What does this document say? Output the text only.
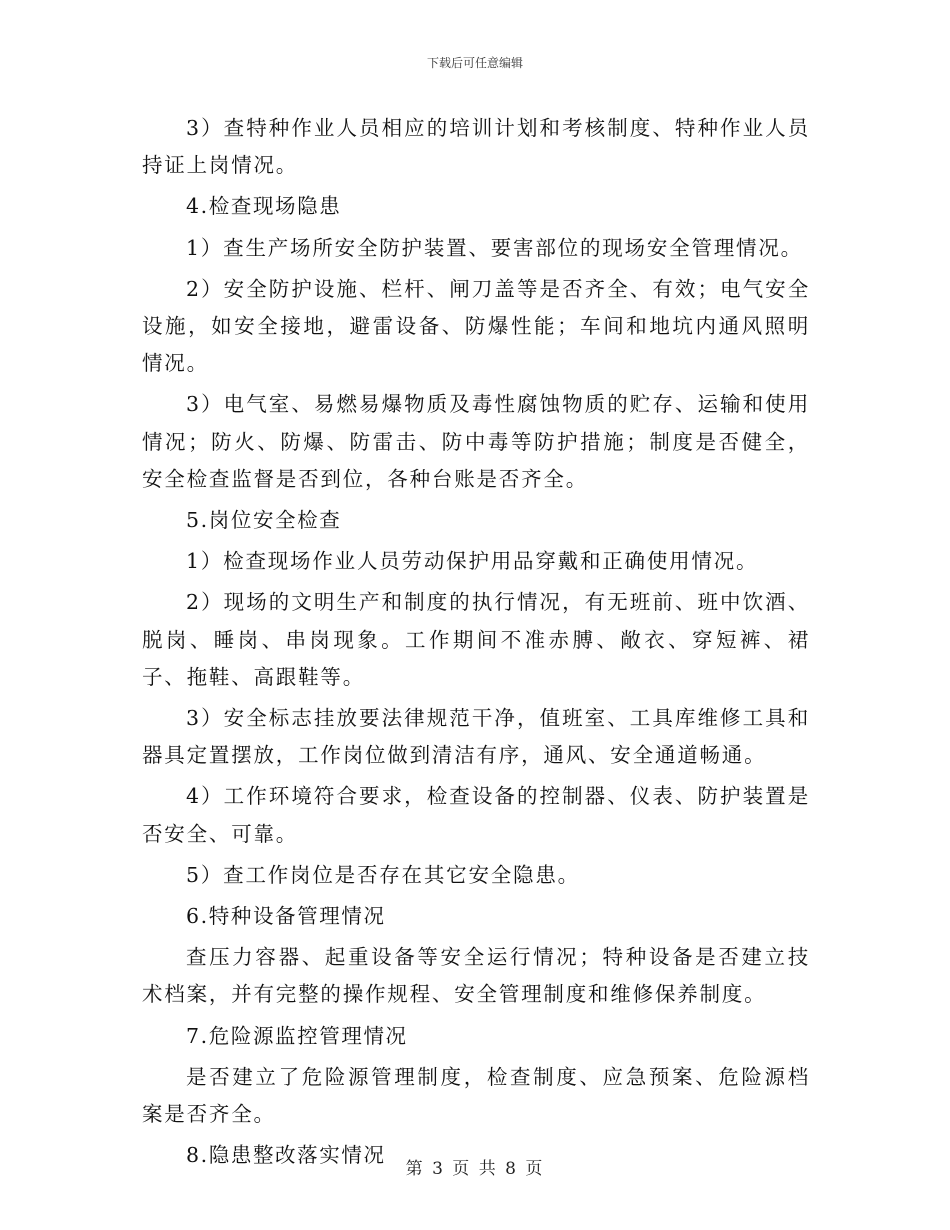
下载后可任意编辑

3）查特种作业人员相应的培训计划和考核制度、特种作业人员持证上岗情况。

4.检查现场隐患

1）查生产场所安全防护装置、要害部位的现场安全管理情况。

2）安全防护设施、栏杆、闸刀盖等是否齐全、有效；电气安全设施，如安全接地，避雷设备、防爆性能；车间和地坑内通风照明情况。

3）电气室、易燃易爆物质及毒性腐蚀物质的贮存、运输和使用情况；防火、防爆、防雷击、防中毒等防护措施；制度是否健全，安全检查监督是否到位，各种台账是否齐全。

5.岗位安全检查

1）检查现场作业人员劳动保护用品穿戴和正确使用情况。

2）现场的文明生产和制度的执行情况，有无班前、班中饮酒、脱岗、睡岗、串岗现象。工作期间不准赤膊、敞衣、穿短裤、裙子、拖鞋、高跟鞋等。

3）安全标志挂放要法律规范干净，值班室、工具库维修工具和器具定置摆放，工作岗位做到清洁有序，通风、安全通道畅通。

4）工作环境符合要求，检查设备的控制器、仪表、防护装置是否安全、可靠。

5）查工作岗位是否存在其它安全隐患。

6.特种设备管理情况

查压力容器、起重设备等安全运行情况；特种设备是否建立技术档案，并有完整的操作规程、安全管理制度和维修保养制度。

7.危险源监控管理情况

是否建立了危险源管理制度，检查制度、应急预案、危险源档案是否齐全。

8.隐患整改落实情况

第 3 页 共 8 页
